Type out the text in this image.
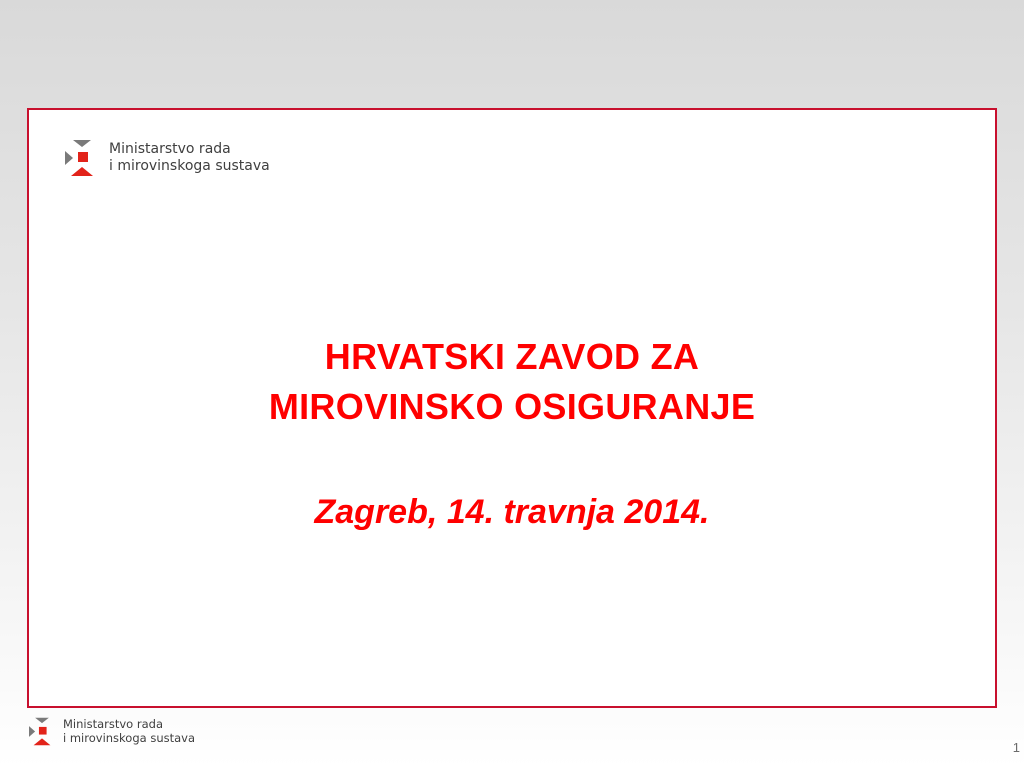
Ministarstvo rada
i mirovinskoga sustava
HRVATSKI ZAVOD ZA
MIROVINSKO OSIGURANJE
Zagreb, 14. travnja 2014.
Ministarstvo rada
i mirovinskoga sustava
1
